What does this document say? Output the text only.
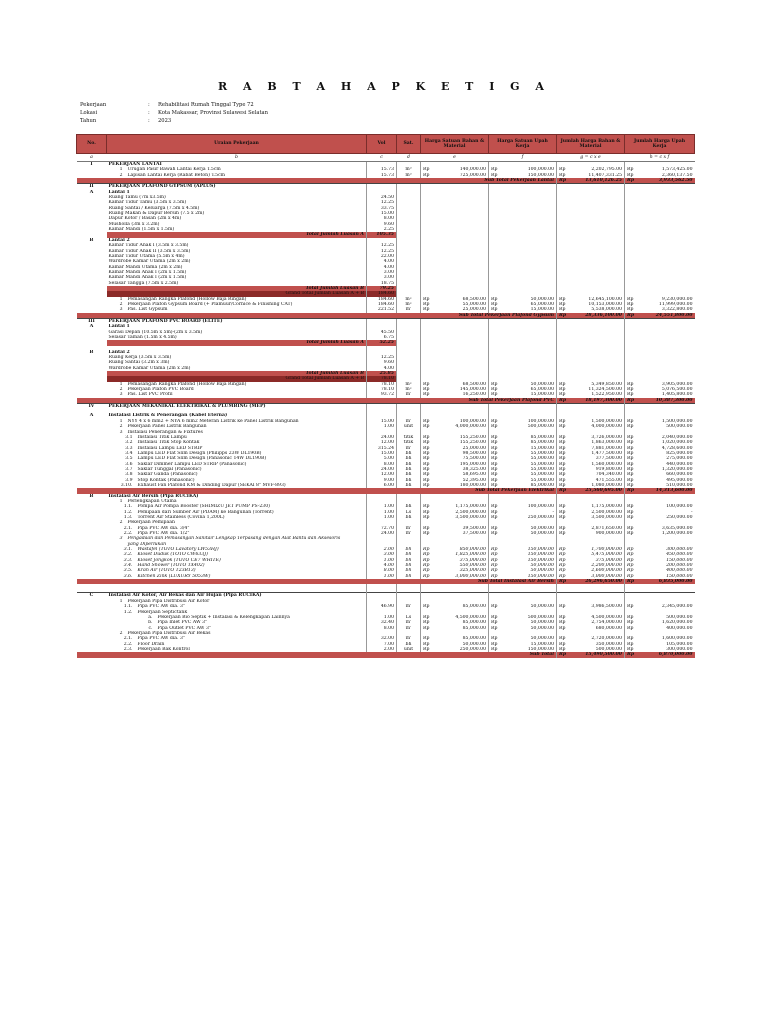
R A B T A H A P K E T I G A
Pekerjaan	:	Rehabilitasi Rumah Tinggal Type 72
Lokasi	:	Kota Makassar, Provinsi Sulawesi Selatan
Tahun	:	2023
No.	Uraian Pekerjaan	Vol	Sat.	Harga Satuan Bahan & Material	Harga Satuan Upah Kerja	Jumlah Harga Bahan & Material	Jumlah Harga Upah Kerja
a	b	c	d	e	f	g = c x e	h = c x f
I	PEKERJAAN LANTAI						
	1 Urugan Pasir Bawah Lantai Kerja T.5cm	15.73	m³	Rp 140,000.00	Rp 100,000.00	Rp 2,202,795.00	Rp 1,573,425.00

	2 Lapisan Lantai Kerja (Rabat Beton) T.5cm	15.73	m³	Rp 725,000.00	Rp 150,000.00	Rp 11,407,331.25	Rp 2,360,137.50

	Sub Total Pekerjaan Lantai					Rp 13,610,126.25	Rp 3,933,562.50

II	PEKERJAAN PLAFOND GYPSUM (APLUS)						
A	Lantai 1						
	Ruang Tamu (7m x3.5m)	24.50					
	Kamar Tidur Tamu (3.5m x 3.5m)	12.25					
	Ruang Santai / Keluarga (7.5m x 4.5m)	33.75					
	Ruang Makan & Dapur Bersih (7.5 x 2m)	15.00					
	Dapur Kotor / Basah (2m x 4m)	8.00					
	Musholla (3m x 3.2m)	9.60					
	Kamar Mandi (1.5m x 1.5m)	2.25					
	Total Jumlah Luasan A	105.35					
B	Lantai 2						
	Kamar Tidur Anak I (3.5m x 3.5m)	12.25					
	Kamar Tidur Anak II (3.5m x 3.5m)	12.25					
	Kamar Tidur Utama (5.5m x 4m)	22.00					
	Wardrobe Kamar Utama (2m x 2m)	4.00					
	Kamar Mandi Utama (2m x 2m)	4.00					
	Kamar Mandi Anak I (2m x 1.5m)	3.00					
	Kamar Mandi Anak I (2m x 1.5m)	3.00					
	Selasar Tangga (7.5m x 2.5m)	18.75					
	Total Jumlah Luasan B	79.25					
	Grand Total Jumlah Luasan A + B	184.60					
	1 Pemasangan Rangka Plafond (Hollow Baja Ringan)	184.60	m²	Rp 68,500.00	Rp 50,000.00	Rp 12,645,100.00	Rp 9,230,000.00

	2 Pekerjaan Plafon Gypsum Board (+ Plamuur/Cornice & Finishing CAT)	184.60	m²	Rp 55,000.00	Rp 65,000.00	Rp 10,153,000.00	Rp 11,999,000.00

	3 Pas. List Gypsum	221.52	m'	Rp 25,000.00	Rp 15,000.00	Rp 5,538,000.00	Rp 3,322,800.00

	Sub Total Pekerjaan Plafond Gypsum					Rp 28,336,100.00	Rp 24,551,800.00

III	PEKERJAAN PLAFOND PVC BOARD (ELITE)						
A	Lantai 1						
	Garasi Depan (10.5m x 5m)-(2m x 3.5m)	45.50					
	Selasar Taman (1.5m x 4.5m)	6.75					
	Total Jumlah Luasan A	52.25					

B	Lantai 2						
	Ruang Kerja (3.5m x 3.5m)	12.25					
	Ruang Santai (3.2m x 3m)	9.60					
	Wardrobe Kamar Utama (2m x 2m)	4.00					
	Total Jumlah Luasan B	25.85					
	Grand Total Jumlah Luasan A + B	78.10					
	1 Pemasangan Rangka Plafond (Hollow Baja Ringan)	78.10	m²	Rp 68,500.00	Rp 50,000.00	Rp 5,349,850.00	Rp 3,905,000.00

	2 Pekerjaan Plafon PVC Board	78.10	m²	Rp 145,000.00	Rp 65,000.00	Rp 11,324,500.00	Rp 5,076,500.00

	3 Pas. List PVC Profil	93.72	m'	Rp 16,250.00	Rp 15,000.00	Rp 1,522,950.00	Rp 1,405,800.00

	Sub Total Pekerjaan Plafond PVC					Rp 18,197,300.00	Rp 10,387,300.00

IV	PEKERJAAN MEKANIKAL ELEKTRIKAL & PLUMBING (MEP)						

A	Instalasi Listrik & Penerangan (Kabel Eterna)						
	1 NYY 4 x 6 mm2 + NYA 6 mm2 Meteran Listrik ke Panel Listrik Bangunan	15.00	m'	Rp 100,000.00	Rp 100,000.00	Rp 1,500,000.00	Rp 1,500,000.00

	2 Pekerjaan Panel Listrik Bangunan	1.00	unit	Rp 4,000,000.00	Rp 500,000.00	Rp 4,000,000.00	Rp 500,000.00

	3 Instalasi Penerangan & Fixtures						
	3.1 Instalasi Titik Lampu	24.00	titik	Rp 155,250.00	Rp 85,000.00	Rp 3,726,000.00	Rp 2,040,000.00

	3.2 Instalasi Titik Stop Kontak	12.00	titik	Rp 155,250.00	Rp 85,000.00	Rp 1,863,000.00	Rp 1,020,000.00

	3.3 Instalasi Lampu LED STRIP	315.24	m'	Rp 25,000.00	Rp 15,000.00	Rp 7,881,000.00	Rp 4,728,600.00

	3.4 Lampu LED Flat Slim Design (Philipps 23W DL190B)	15.00	bh	Rp 98,500.00	Rp 55,000.00	Rp 1,477,500.00	Rp 825,000.00

	3.5 Lampu LED Flat Slim Design (Panasonic 14W DL190B)	5.00	bh	Rp 75,500.00	Rp 55,000.00	Rp 377,500.00	Rp 275,000.00

	3.6 Saklar Dimmer Lampu LED STRIP (Panasonic)	8.00	bh	Rp 195,000.00	Rp 55,000.00	Rp 1,560,000.00	Rp 440,000.00

	3.7 Saklar Tunggal (Panasonic)	24.00	bh	Rp 38,325.00	Rp 55,000.00	Rp 919,800.00	Rp 1,320,000.00

	3.8 Saklar Ganda (Panasonic)	12.00	bh	Rp 58,695.00	Rp 55,000.00	Rp 704,340.00	Rp 660,000.00

	3.9 Stop Kontak (Panasonic)	9.00	bh	Rp 52,395.00	Rp 55,000.00	Rp 471,555.00	Rp 495,000.00

	3.10. Exhaust Fan Plafond KM & Dinding Dapur (SEKAI 8" MVF-893)	6.00	bh	Rp 180,000.00	Rp 85,000.00	Rp 1,080,000.00	Rp 510,000.00

	Sub Total Pekerjaan Elektrikal					Rp 25,560,695.00	Rp 14,313,600.00

B	Instalasi Air Bersih (Pipa RUCIKA)						
	1 Perlengkapan Utama						
	1.1. Pompa Air Pompa Booster (SHIMIZU JET PUMP PS-230)	1.00	bh	Rp 1,175,000.00	Rp 100,000.00	Rp 1,175,000.00	Rp 100,000.00

	1.2. Pemipaan dari Sumber Air (PDAM) ke Bangunan (Torrent)	1.00	Ls	Rp 2,500,000.00	Rp -	Rp 2,500,000.00	Rp -

	1.3. Torrent Air Stainless (Covina 1,200L)	1.00	bh	Rp 3,500,000.00	Rp 250,000.00	Rp 3,500,000.00	Rp 250,000.00

	2 Pekerjaan Pemipaan						
	2.1. Pipa PVC AW dia. 3/4"	72.70	m'	Rp 39,500.00	Rp 50,000.00	Rp 2,871,650.00	Rp 3,635,000.00

	2.2. Pipa PVC AW dia. 1/2"	24.00	m'	Rp 37,500.00	Rp 50,000.00	Rp 900,000.00	Rp 1,200,000.00

	3 Pengadaan dan Pemasangan Sanitair Lengkap Terpasang dengan Alat Bantu dan Aksesoris						
	yang Diperlukan						
	3.1. Wastafel (TOTO Lavatory LW53HJ)	2.00	bh	Rp 850,000.00	Rp 150,000.00	Rp 1,700,000.00	Rp 300,000.00

	3.2. Kloset Duduk (TOTO CW633J)	3.00	bh	Rp 1,825,000.00	Rp 150,000.00	Rp 5,475,000.00	Rp 450,000.00

	3.3. Kloset Jongkok (TOTO CE7 WHITE)	1.00	bh	Rp 375,000.00	Rp 150,000.00	Rp 375,000.00	Rp 150,000.00

	3.4. Hand Shower (TOTO TX402)	4.00	bh	Rp 550,000.00	Rp 50,000.00	Rp 2,200,000.00	Rp 200,000.00

	3.5. Kran Air (TOTO T23B13)	8.00	bh	Rp 325,000.00	Rp 50,000.00	Rp 2,600,000.00	Rp 400,000.00

	3.6. Kitchen Zink (LUXURY 5053W)	1.00	bh	Rp 3,000,000.00	Rp 150,000.00	Rp 3,000,000.00	Rp 150,000.00

	Sub Total Instalasi Air Bersih					Rp 26,296,650.00	Rp 6,835,000.00

C	Instalasi Air Kotor, Air Bekas dan Air Hujan (Pipa RUCIKA)						
	1 Pekerjaan Pipa Distribusi Air Kotor						
	1.1. Pipa PVC AW dia. 3"	46.90	m'	Rp 85,000.00	Rp 50,000.00	Rp 3,986,500.00	Rp 2,345,000.00

	1.2. Pekerjaan Septictank						
	a. Pekerjaan Bio Septik + Instalasi & Kelengkapan Lainnya	1.00	Ls	Rp 4,500,000.00	Rp 500,000.00	Rp 4,500,000.00	Rp 500,000.00

	b. Pipa Inlet PVC AW 3"	32.40	m'	Rp 85,000.00	Rp 50,000.00	Rp 2,754,000.00	Rp 1,620,000.00

	c. Pipa Outlet PVC AW 3"	8.00	m'	Rp 85,000.00	Rp 50,000.00	Rp 680,000.00	Rp 400,000.00

	2 Pekerjaan Pipa Distribusi Air Bekas						
	2.1. Pipa PVC AW dia. 3"	32.00	m'	Rp 85,000.00	Rp 50,000.00	Rp 2,720,000.00	Rp 1,600,000.00

	2.2. Floor Drain	7.00	bh	Rp 50,000.00	Rp 15,000.00	Rp 350,000.00	Rp 105,000.00

	2.3. Pekerjaan Bak Kontrol	2.00	unit	Rp 250,000.00	Rp 150,000.00	Rp 500,000.00	Rp 300,000.00

	Sub Total					Rp 15,490,500.00	Rp 6,870,000.00
